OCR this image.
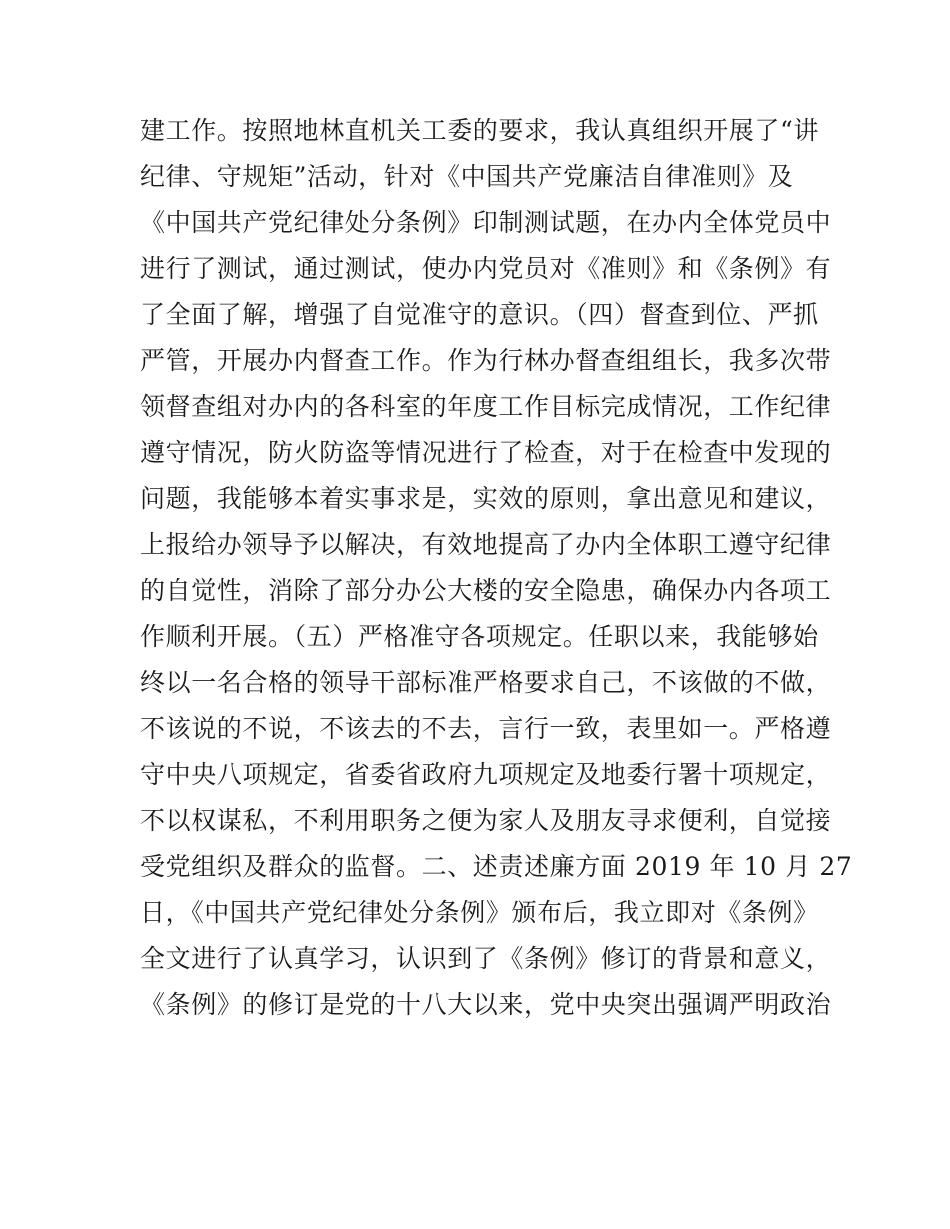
建工作。按照地林直机关工委的要求，我认真组织开展了“讲
纪律、守规矩”活动，针对《中国共产党廉洁自律准则》及
《中国共产党纪律处分条例》印制测试题，在办内全体党员中
进行了测试，通过测试，使办内党员对《准则》和《条例》有
了全面了解，增强了自觉准守的意识。（四）督查到位、严抓
严管，开展办内督查工作。作为行林办督查组组长，我多次带
领督查组对办内的各科室的年度工作目标完成情况，工作纪律
遵守情况，防火防盗等情况进行了检查，对于在检查中发现的
问题，我能够本着实事求是，实效的原则，拿出意见和建议，
上报给办领导予以解决，有效地提高了办内全体职工遵守纪律
的自觉性，消除了部分办公大楼的安全隐患，确保办内各项工
作顺利开展。（五）严格准守各项规定。任职以来，我能够始
终以一名合格的领导干部标准严格要求自己，不该做的不做，
不该说的不说，不该去的不去，言行一致，表里如一。严格遵
守中央八项规定，省委省政府九项规定及地委行署十项规定，
不以权谋私，不利用职务之便为家人及朋友寻求便利，自觉接
受党组织及群众的监督。二、述责述廉方面 2019 年 10 月 27
日，《中国共产党纪律处分条例》颁布后，我立即对《条例》
全文进行了认真学习，认识到了《条例》修订的背景和意义，
《条例》的修订是党的十八大以来，党中央突出强调严明政治
